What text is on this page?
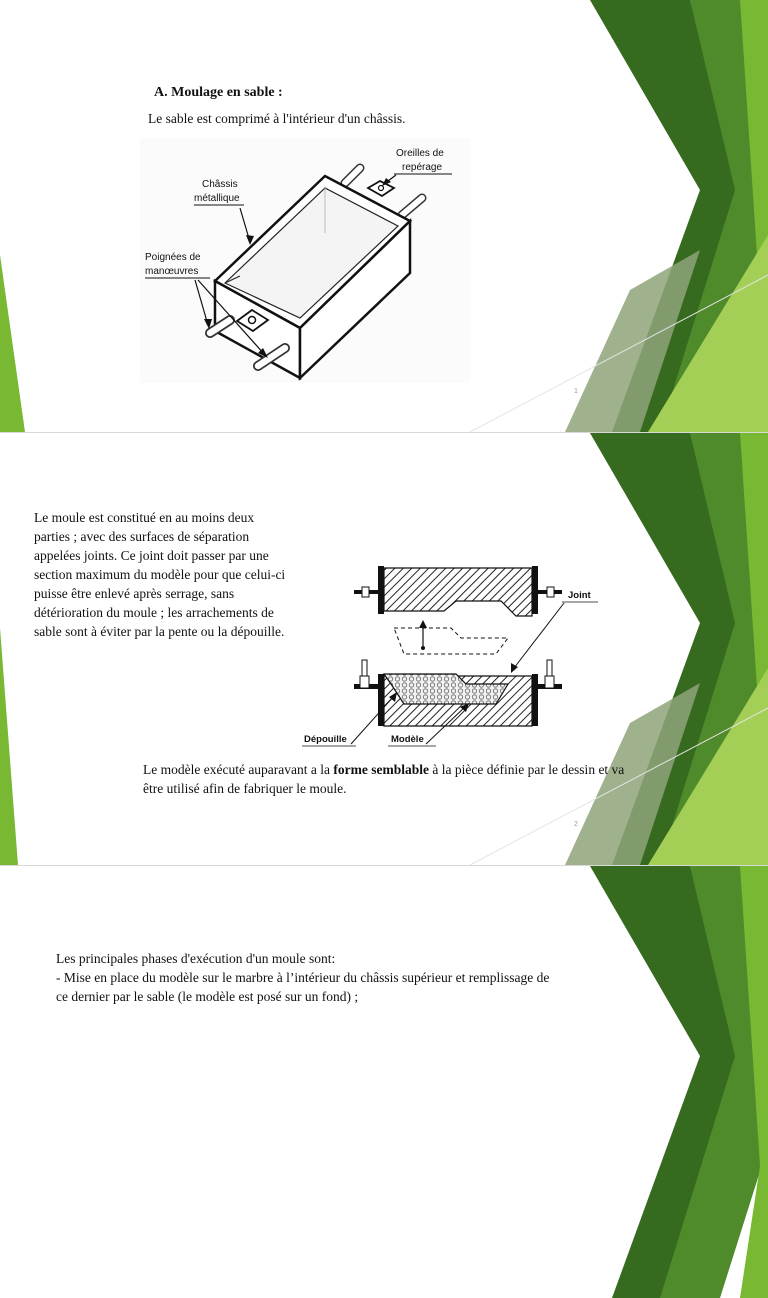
A. Moulage en sable :
Le sable est comprimé à l'intérieur d'un châssis.
Châssis
métallique
Oreilles de
repérage
Poignées de
manœuvres
1
Le moule est constitué en au moins deux parties ; avec des surfaces de séparation appelées joints. Ce joint doit passer par une section maximum du modèle pour que celui-ci puisse être enlevé après serrage, sans détérioration du moule ; les arrachements de sable sont à éviter par la pente ou la dépouille.
Joint
Dépouille	Modèle
Le modèle exécuté auparavant a la forme semblable à la pièce définie par le dessin et va être utilisé afin de fabriquer le moule.
2
Les principales phases d'exécution d'un moule sont:
- Mise en place du modèle sur le marbre à l’intérieur du châssis supérieur et remplissage de ce dernier par le sable (le modèle est posé sur un fond) ;
